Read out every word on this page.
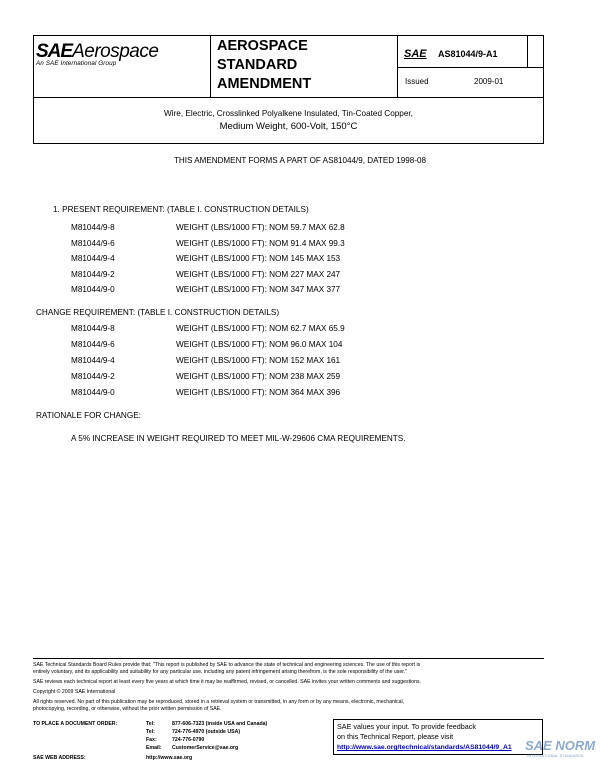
SAEAerospace
An SAE International Group
AEROSPACE
STANDARD
AMENDMENT
SAE AS81044/9-A1
Issued	2009-01
Wire, Electric, Crosslinked Polyalkene Insulated, Tin-Coated Copper,
Medium Weight, 600-Volt, 150°C
THIS AMENDMENT FORMS A PART OF AS81044/9, DATED 1998-08
1. PRESENT REQUIREMENT: (TABLE I. CONSTRUCTION DETAILS)
M81044/9-8	WEIGHT (LBS/1000 FT): NOM 59.7 MAX 62.8
M81044/9-6	WEIGHT (LBS/1000 FT): NOM 91.4 MAX 99.3
M81044/9-4	WEIGHT (LBS/1000 FT): NOM 145 MAX 153
M81044/9-2	WEIGHT (LBS/1000 FT): NOM 227 MAX 247
M81044/9-0	WEIGHT (LBS/1000 FT): NOM 347 MAX 377
CHANGE REQUIREMENT: (TABLE I. CONSTRUCTION DETAILS)
M81044/9-8	WEIGHT (LBS/1000 FT): NOM 62.7 MAX 65.9
M81044/9-6	WEIGHT (LBS/1000 FT): NOM 96.0 MAX 104
M81044/9-4	WEIGHT (LBS/1000 FT): NOM 152 MAX 161
M81044/9-2	WEIGHT (LBS/1000 FT): NOM 238 MAX 259
M81044/9-0	WEIGHT (LBS/1000 FT): NOM 364 MAX 396
RATIONALE FOR CHANGE:
A 5% INCREASE IN WEIGHT REQUIRED TO MEET MIL-W-29606 CMA REQUIREMENTS.
SAE Technical Standards Board Rules provide that: "This report is published by SAE to advance the state of technical and engineering sciences. The use of this report is
entirely voluntary, and its applicability and suitability for any particular use, including any patent infringement arising therefrom, is the sole responsibility of the user."
SAE reviews each technical report at least every five years at which time it may be reaffirmed, revised, or cancelled. SAE invites your written comments and suggestions.
Copyright © 2009 SAE International
All rights reserved. No part of this publication may be reproduced, stored in a retrieval system or transmitted, in any form or by any means, electronic, mechanical,
photocopying, recording, or otherwise, without the prior written permission of SAE.
TO PLACE A DOCUMENT ORDER:	Tel:	877-606-7323 (inside USA and Canada)
Tel:	724-776-4970 (outside USA)
Fax:	724-776-0790
Email: CustomerService@sae.org
SAE WEB ADDRESS:	http://www.sae.org
SAE values your input. To provide feedback
on this Technical Report, please visit
http://www.sae.org/technical/standards/AS81044/9_A1 SAE NORM
INTERNATIONAL STANDARDS
